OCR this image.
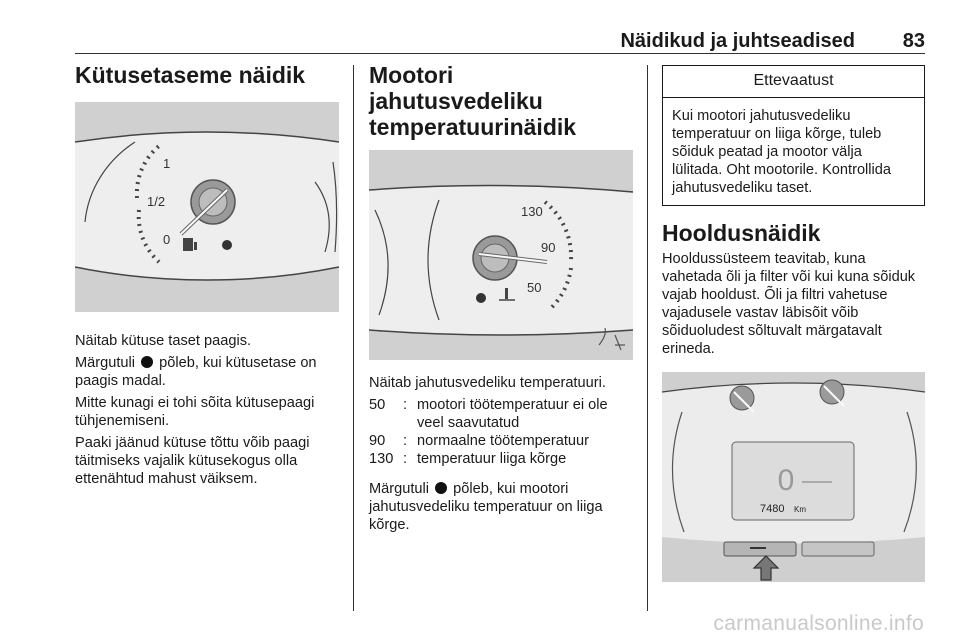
Näidikud ja juhtseadised 83
Kütusetaseme näidik
1
1/2
0

Näitab kütuse taset paagis.

Märgutuli põleb, kui kütusetase on paagis madal.

Mitte kunagi ei tohi sõita kütusepaagi tühjenemiseni.

Paaki jäänud kütuse tõttu võib paagi täitmiseks vajalik kütusekogus olla ettenähtud mahust väiksem.

Mootori jahutusvedeliku
temperatuurinäidik
130
90
50

Näitab jahutusvedeliku temperatuuri.

50	:	mootori töötemperatuur ei ole veel saavutatud
90	:	normaalne töötemperatuur
130	:	temperatuur liiga kõrge

Märgutuli põleb, kui mootori jahutusvedeliku temperatuur on liiga kõrge.

Ettevaatust
Kui mootori jahutusvedeliku temperatuur on liiga kõrge, tuleb sõiduk peatad ja mootor välja lülitada. Oht mootorile. Kontrollida jahutusvedeliku taset.
Hooldusnäidik

Hooldussüsteem teavitab, kuna vahetada õli ja filter või kui kuna sõiduk vajab hooldust. Õli ja filtri vahetuse vajadusele vastav läbisõit võib sõiduoludest sõltuvalt märgatavalt erineda.

0
7480 Km
carmanualsonline.info
